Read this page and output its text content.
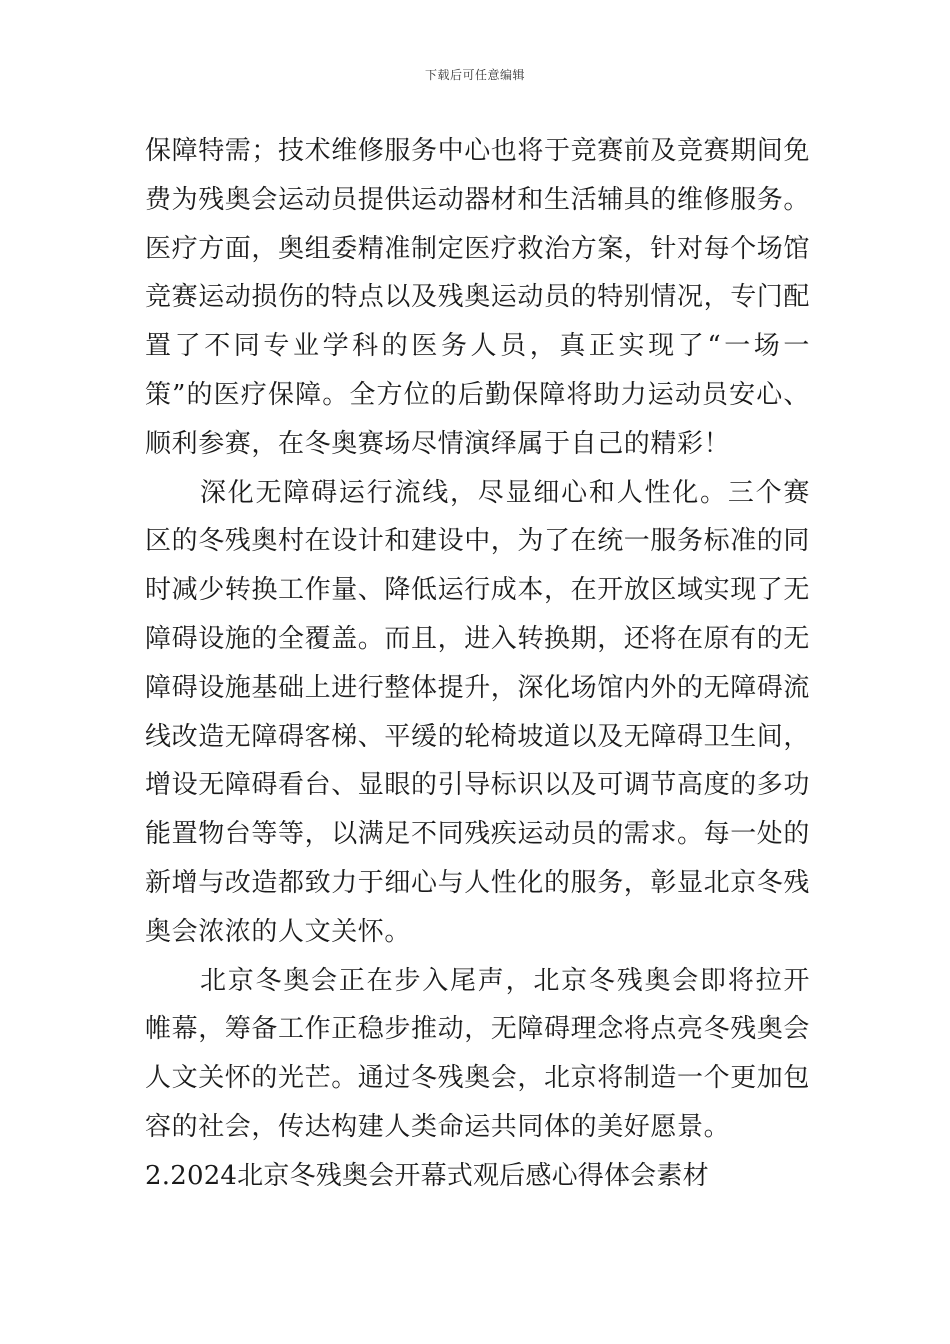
下载后可任意编辑

保障特需；技术维修服务中心也将于竞赛前及竞赛期间免费为残奥会运动员提供运动器材和生活辅具的维修服务。医疗方面，奥组委精准制定医疗救治方案，针对每个场馆竞赛运动损伤的特点以及残奥运动员的特别情况，专门配置了不同专业学科的医务人员，真正实现了“一场一策”的医疗保障。全方位的后勤保障将助力运动员安心、顺利参赛，在冬奥赛场尽情演绎属于自己的精彩！

深化无障碍运行流线，尽显细心和人性化。三个赛区的冬残奥村在设计和建设中，为了在统一服务标准的同时减少转换工作量、降低运行成本，在开放区域实现了无障碍设施的全覆盖。而且，进入转换期，还将在原有的无障碍设施基础上进行整体提升，深化场馆内外的无障碍流线改造无障碍客梯、平缓的轮椅坡道以及无障碍卫生间，增设无障碍看台、显眼的引导标识以及可调节高度的多功能置物台等等，以满足不同残疾运动员的需求。每一处的新增与改造都致力于细心与人性化的服务，彰显北京冬残奥会浓浓的人文关怀。

北京冬奥会正在步入尾声，北京冬残奥会即将拉开帷幕，筹备工作正稳步推动，无障碍理念将点亮冬残奥会人文关怀的光芒。通过冬残奥会，北京将制造一个更加包容的社会，传达构建人类命运共同体的美好愿景。

2.2024北京冬残奥会开幕式观后感心得体会素材
